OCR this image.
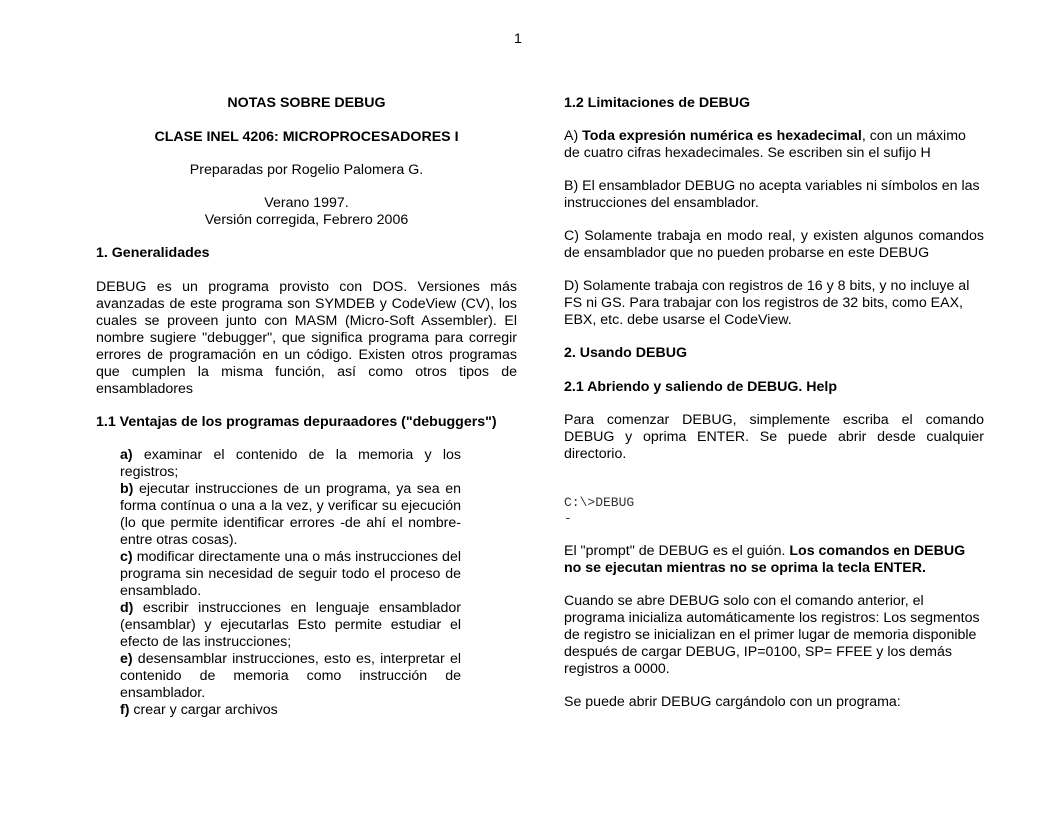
1

NOTAS SOBRE DEBUG

CLASE INEL 4206: MICROPROCESADORES I

Preparadas por Rogelio Palomera G.

Verano 1997.

Versión corregida, Febrero 2006

1. Generalidades

DEBUG es un programa provisto con DOS. Versiones más avanzadas de este programa son SYMDEB y CodeView (CV), los cuales se proveen junto con MASM (Micro-Soft Assembler). El nombre sugiere "debugger", que significa programa para corregir errores de programación en un código. Existen otros programas que cumplen la misma función, así como otros tipos de ensambladores

1.1 Ventajas de los programas depuraadores ("debuggers")

a) examinar el contenido de la memoria y los registros;

b) ejecutar instrucciones de un programa, ya sea en forma contínua o una a la vez, y verificar su ejecución (lo que permite identificar errores -de ahí el nombre- entre otras cosas).

c) modificar directamente una o más instrucciones del programa sin necesidad de seguir todo el proceso de ensamblado.

d) escribir instrucciones en lenguaje ensamblador (ensamblar) y ejecutarlas Esto permite estudiar el efecto de las instrucciones;

e) desensamblar instrucciones, esto es, interpretar el contenido de memoria como instrucción de ensamblador.

f) crear y cargar archivos

1.2 Limitaciones de DEBUG

A) Toda expresión numérica es hexadecimal, con un máximo de cuatro cifras hexadecimales. Se escriben sin el sufijo H

B) El ensamblador DEBUG no acepta variables ni símbolos en las instrucciones del ensamblador.

C) Solamente trabaja en modo real, y existen algunos comandos de ensamblador que no pueden probarse en este DEBUG

D) Solamente trabaja con registros de 16 y 8 bits, y no incluye al FS ni GS. Para trabajar con los registros de 32 bits, como EAX, EBX, etc. debe usarse el CodeView.

2. Usando DEBUG

2.1 Abriendo y saliendo de DEBUG. Help

Para comenzar DEBUG, simplemente escriba el comando DEBUG y oprima ENTER. Se puede abrir desde cualquier directorio.

C:\>DEBUG
-

El "prompt" de DEBUG es el guión. Los comandos en DEBUG no se ejecutan mientras no se oprima la tecla ENTER.

Cuando se abre DEBUG solo con el comando anterior, el programa inicializa automáticamente los registros: Los segmentos de registro se inicializan en el primer lugar de memoria disponible después de cargar DEBUG, IP=0100, SP= FFEE y los demás registros a 0000.

Se puede abrir DEBUG cargándolo con un programa:
